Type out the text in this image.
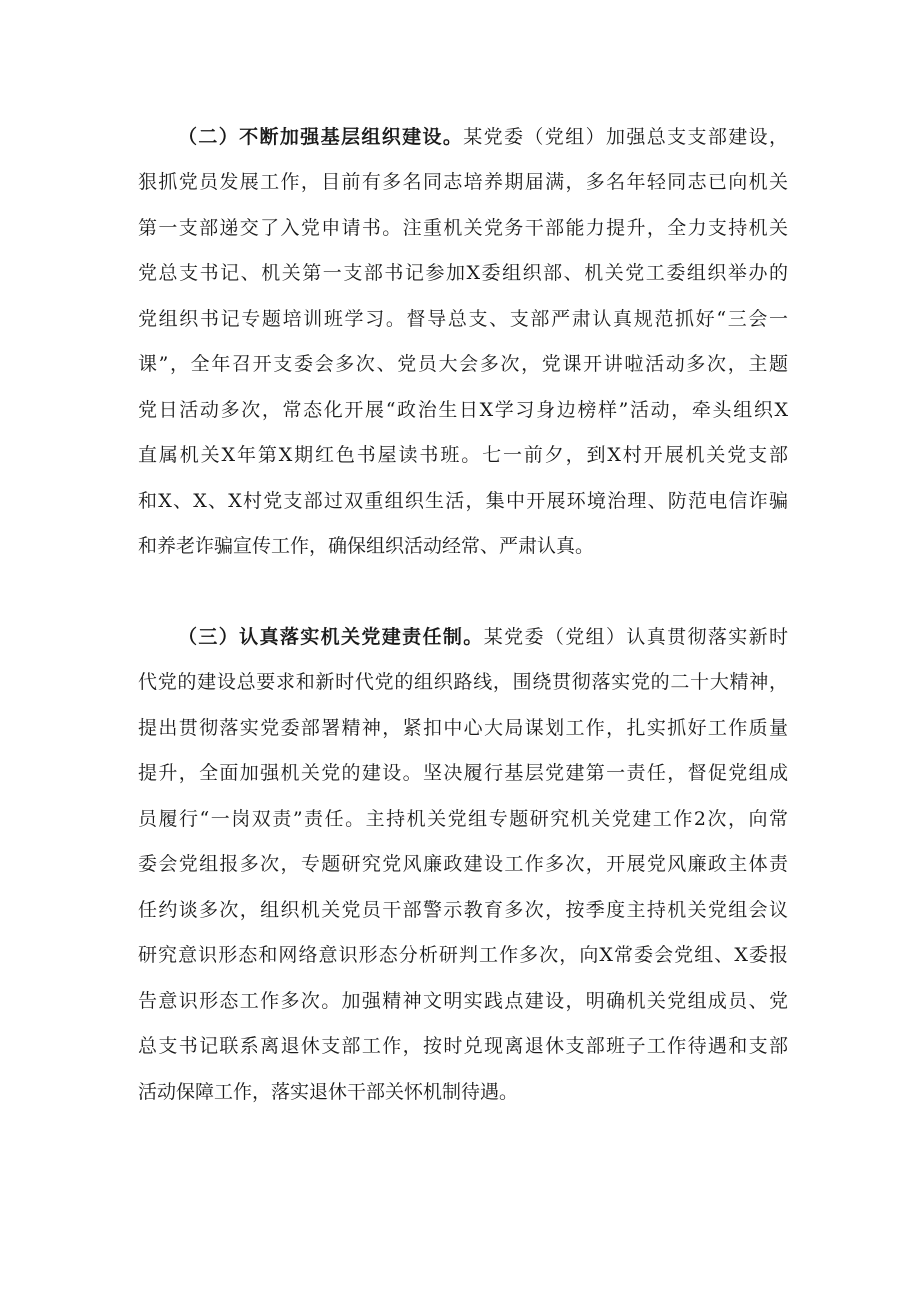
（二）不断加强基层组织建设。某党委（党组）加强总支支部建设，
狠抓党员发展工作，目前有多名同志培养期届满，多名年轻同志已向机关
第一支部递交了入党申请书。注重机关党务干部能力提升，全力支持机关
党总支书记、机关第一支部书记参加X委组织部、机关党工委组织举办的
党组织书记专题培训班学习。督导总支、支部严肃认真规范抓好“三会一
课”，全年召开支委会多次、党员大会多次，党课开讲啦活动多次，主题
党日活动多次，常态化开展“政治生日X学习身边榜样”活动，牵头组织X
直属机关X年第X期红色书屋读书班。七一前夕，到X村开展机关党支部
和X、X、X村党支部过双重组织生活，集中开展环境治理、防范电信诈骗
和养老诈骗宣传工作，确保组织活动经常、严肃认真。
（三）认真落实机关党建责任制。某党委（党组）认真贯彻落实新时
代党的建设总要求和新时代党的组织路线，围绕贯彻落实党的二十大精神，
提出贯彻落实党委部署精神，紧扣中心大局谋划工作，扎实抓好工作质量
提升，全面加强机关党的建设。坚决履行基层党建第一责任，督促党组成
员履行“一岗双责”责任。主持机关党组专题研究机关党建工作2次，向常
委会党组报多次，专题研究党风廉政建设工作多次，开展党风廉政主体责
任约谈多次，组织机关党员干部警示教育多次，按季度主持机关党组会议
研究意识形态和网络意识形态分析研判工作多次，向X常委会党组、X委报
告意识形态工作多次。加强精神文明实践点建设，明确机关党组成员、党
总支书记联系离退休支部工作，按时兑现离退休支部班子工作待遇和支部
活动保障工作，落实退休干部关怀机制待遇。
